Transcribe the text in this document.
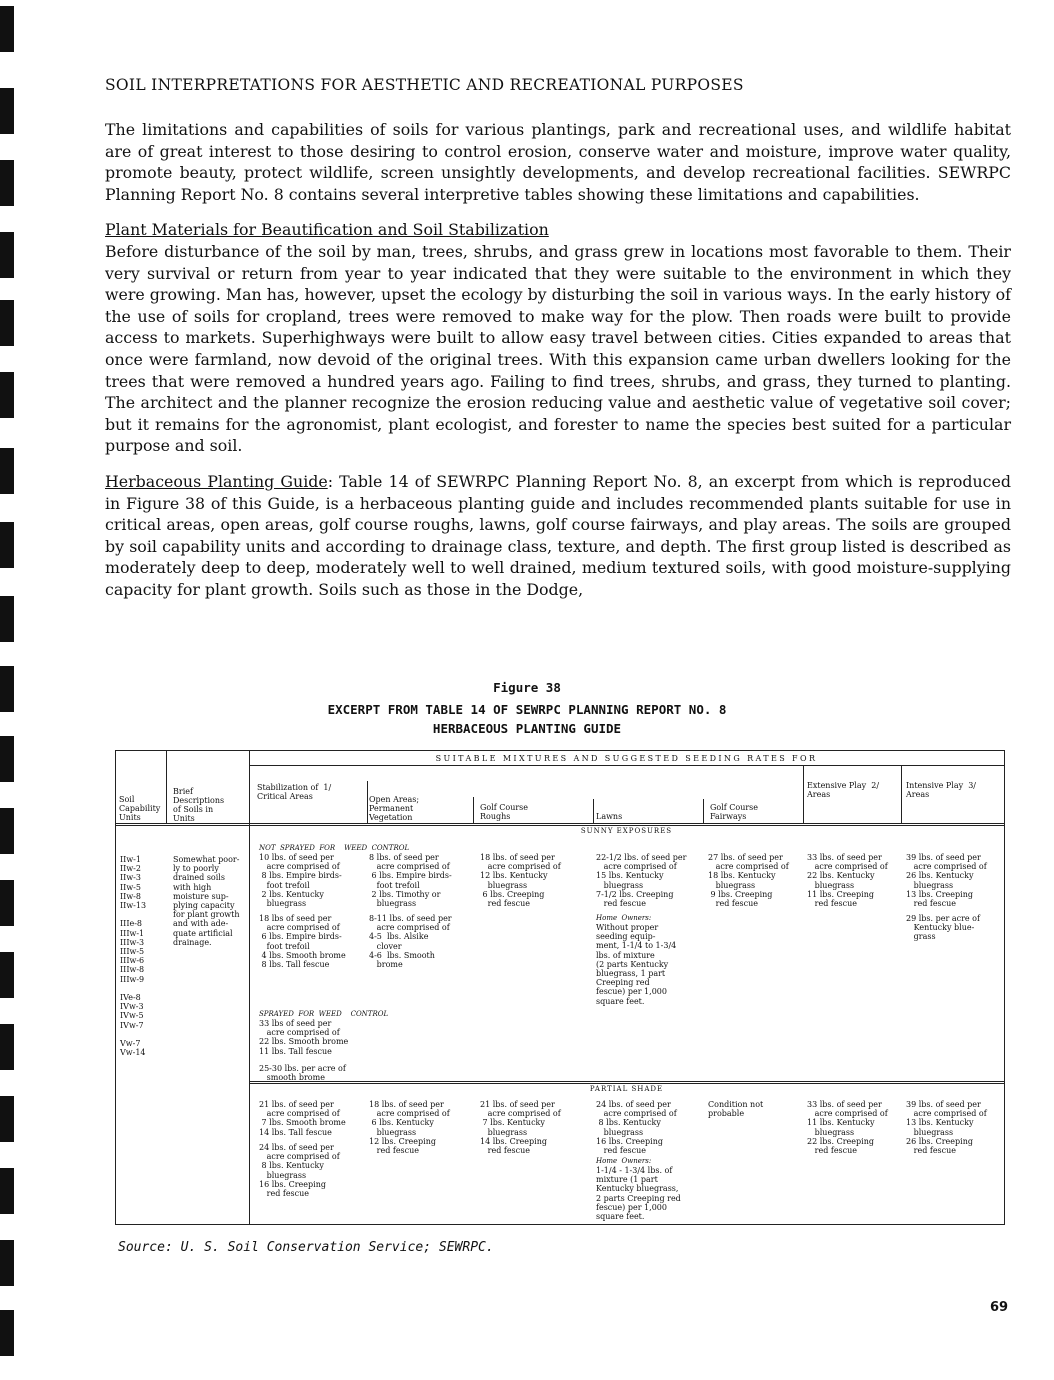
SOIL INTERPRETATIONS FOR AESTHETIC AND RECREATIONAL PURPOSES

The limitations and capabilities of soils for various plantings, park and recreational uses, and wildlife habitat are of great interest to those desiring to control erosion, conserve water and moisture, improve water quality, promote beauty, protect wildlife, screen unsightly developments, and develop recreational facilities. SEWRPC Planning Report No. 8 contains several interpretive tables showing these limitations and capabilities.

Plant Materials for Beautification and Soil Stabilization
Before disturbance of the soil by man, trees, shrubs, and grass grew in locations most favorable to them. Their very survival or return from year to year indicated that they were suitable to the environment in which they were growing. Man has, however, upset the ecology by disturbing the soil in various ways. In the early history of the use of soils for cropland, trees were removed to make way for the plow. Then roads were built to provide access to markets. Superhighways were built to allow easy travel between cities. Cities expanded to areas that once were farmland, now devoid of the original trees. With this expansion came urban dwellers looking for the trees that were removed a hundred years ago. Failing to find trees, shrubs, and grass, they turned to planting. The architect and the planner recognize the erosion reducing value and aesthetic value of vegetative soil cover; but it remains for the agronomist, plant ecologist, and forester to name the species best suited for a particular purpose and soil.

Herbaceous Planting Guide: Table 14 of SEWRPC Planning Report No. 8, an excerpt from which is reproduced in Figure 38 of this Guide, is a herbaceous planting guide and includes recommended plants suitable for use in critical areas, open areas, golf course roughs, lawns, golf course fairways, and play areas. The soils are grouped by soil capability units and according to drainage class, texture, and depth. The first group listed is described as moderately deep to deep, moderately well to well drained, medium textured soils, with good moisture-supplying capacity for plant growth. Soils such as those in the Dodge,

Figure 38
EXCERPT FROM TABLE 14 OF SEWRPC PLANNING REPORT NO. 8
HERBACEOUS PLANTING GUIDE
SUITABLE MIXTURES AND SUGGESTED SEEDING RATES FOR
Soil
Capability
Units
Brief
Descriptions
of Soils in
Units
Stabilization of  1/
Critical Areas	Open Areas;
Permanent
Vegetation
Golf Course
Roughs	Lawns
Golf Course
Fairways
Extensive Play  2/
Areas
Intensive Play  3/
Areas
SUNNY EXPOSURES
PARTIAL SHADE
IIw-1
IIw-2
IIw-3
IIw-5
IIw-8
IIw-13

IIIe-8
IIIw-1
IIIw-3
IIIw-5
IIIw-6
IIIw-8
IIIw-9

IVe-8
IVw-3
IVw-5
IVw-7

Vw-7
Vw-14
Somewhat poor-
ly to poorly
drained soils
with high
moisture sup-
plying capacity
for plant growth
and with ade-
quate artificial
drainage.
NOT  SPRAYED  FOR    WEED  CONTROL
10 lbs. of seed per
acre comprised of
8 lbs. Empire birds-
foot trefoil
2 lbs. Kentucky
bluegrass
18 lbs of seed per
acre comprised of
6 lbs. Empire birds-
foot trefoil
4 lbs. Smooth brome
8 lbs. Tall fescue
SPRAYED  FOR  WEED    CONTROL
33 lbs of seed per
acre comprised of
22 lbs. Smooth brome
11 lbs. Tall fescue
25-30 lbs. per acre of
smooth brome
8 lbs. of seed per
acre comprised of
6 lbs. Empire birds-
foot trefoil
2 lbs. Timothy or
bluegrass
8-11 lbs. of seed per
acre comprised of
4-5  lbs. Alsike
clover
4-6  lbs. Smooth
brome
18 lbs. of seed per
acre comprised of
12 lbs. Kentucky
bluegrass
6 lbs. Creeping
red fescue
22-1/2 lbs. of seed per
acre comprised of
15 lbs. Kentucky
bluegrass
7-1/2 lbs. Creeping
red fescue
Home  Owners:
Without proper
seeding equip-
ment, 1-1/4 to 1-3/4
lbs. of mixture
(2 parts Kentucky
bluegrass, 1 part
Creeping red
fescue) per 1,000
square feet.
27 lbs. of seed per
acre comprised of
18 lbs. Kentucky
bluegrass
9 lbs. Creeping
red fescue
33 lbs. of seed per
acre comprised of
22 lbs. Kentucky
bluegrass
11 lbs. Creeping
red fescue
39 lbs. of seed per
acre comprised of
26 lbs. Kentucky
bluegrass
13 lbs. Creeping
red fescue
29 lbs. per acre of
Kentucky blue-
grass
21 lbs. of seed per
acre comprised of
7 lbs. Smooth brome
14 lbs. Tall fescue
24 lbs. of seed per
acre comprised of
8 lbs. Kentucky
bluegrass
16 lbs. Creeping
red fescue
18 lbs. of seed per
acre comprised of
6 lbs. Kentucky
bluegrass
12 lbs. Creeping
red fescue
21 lbs. of seed per
acre comprised of
7 lbs. Kentucky
bluegrass
14 lbs. Creeping
red fescue
24 lbs. of seed per
acre comprised of
8 lbs. Kentucky
bluegrass
16 lbs. Creeping
red fescue
Home  Owners:
1-1/4 - 1-3/4 lbs. of
mixture (1 part
Kentucky bluegrass,
2 parts Creeping red
fescue) per 1,000
square feet.
Condition not
probable
33 lbs. of seed per
acre comprised of
11 lbs. Kentucky
bluegrass
22 lbs. Creeping
red fescue
39 lbs. of seed per
acre comprised of
13 lbs. Kentucky
bluegrass
26 lbs. Creeping
red fescue
Source: U. S. Soil Conservation Service; SEWRPC.
69
